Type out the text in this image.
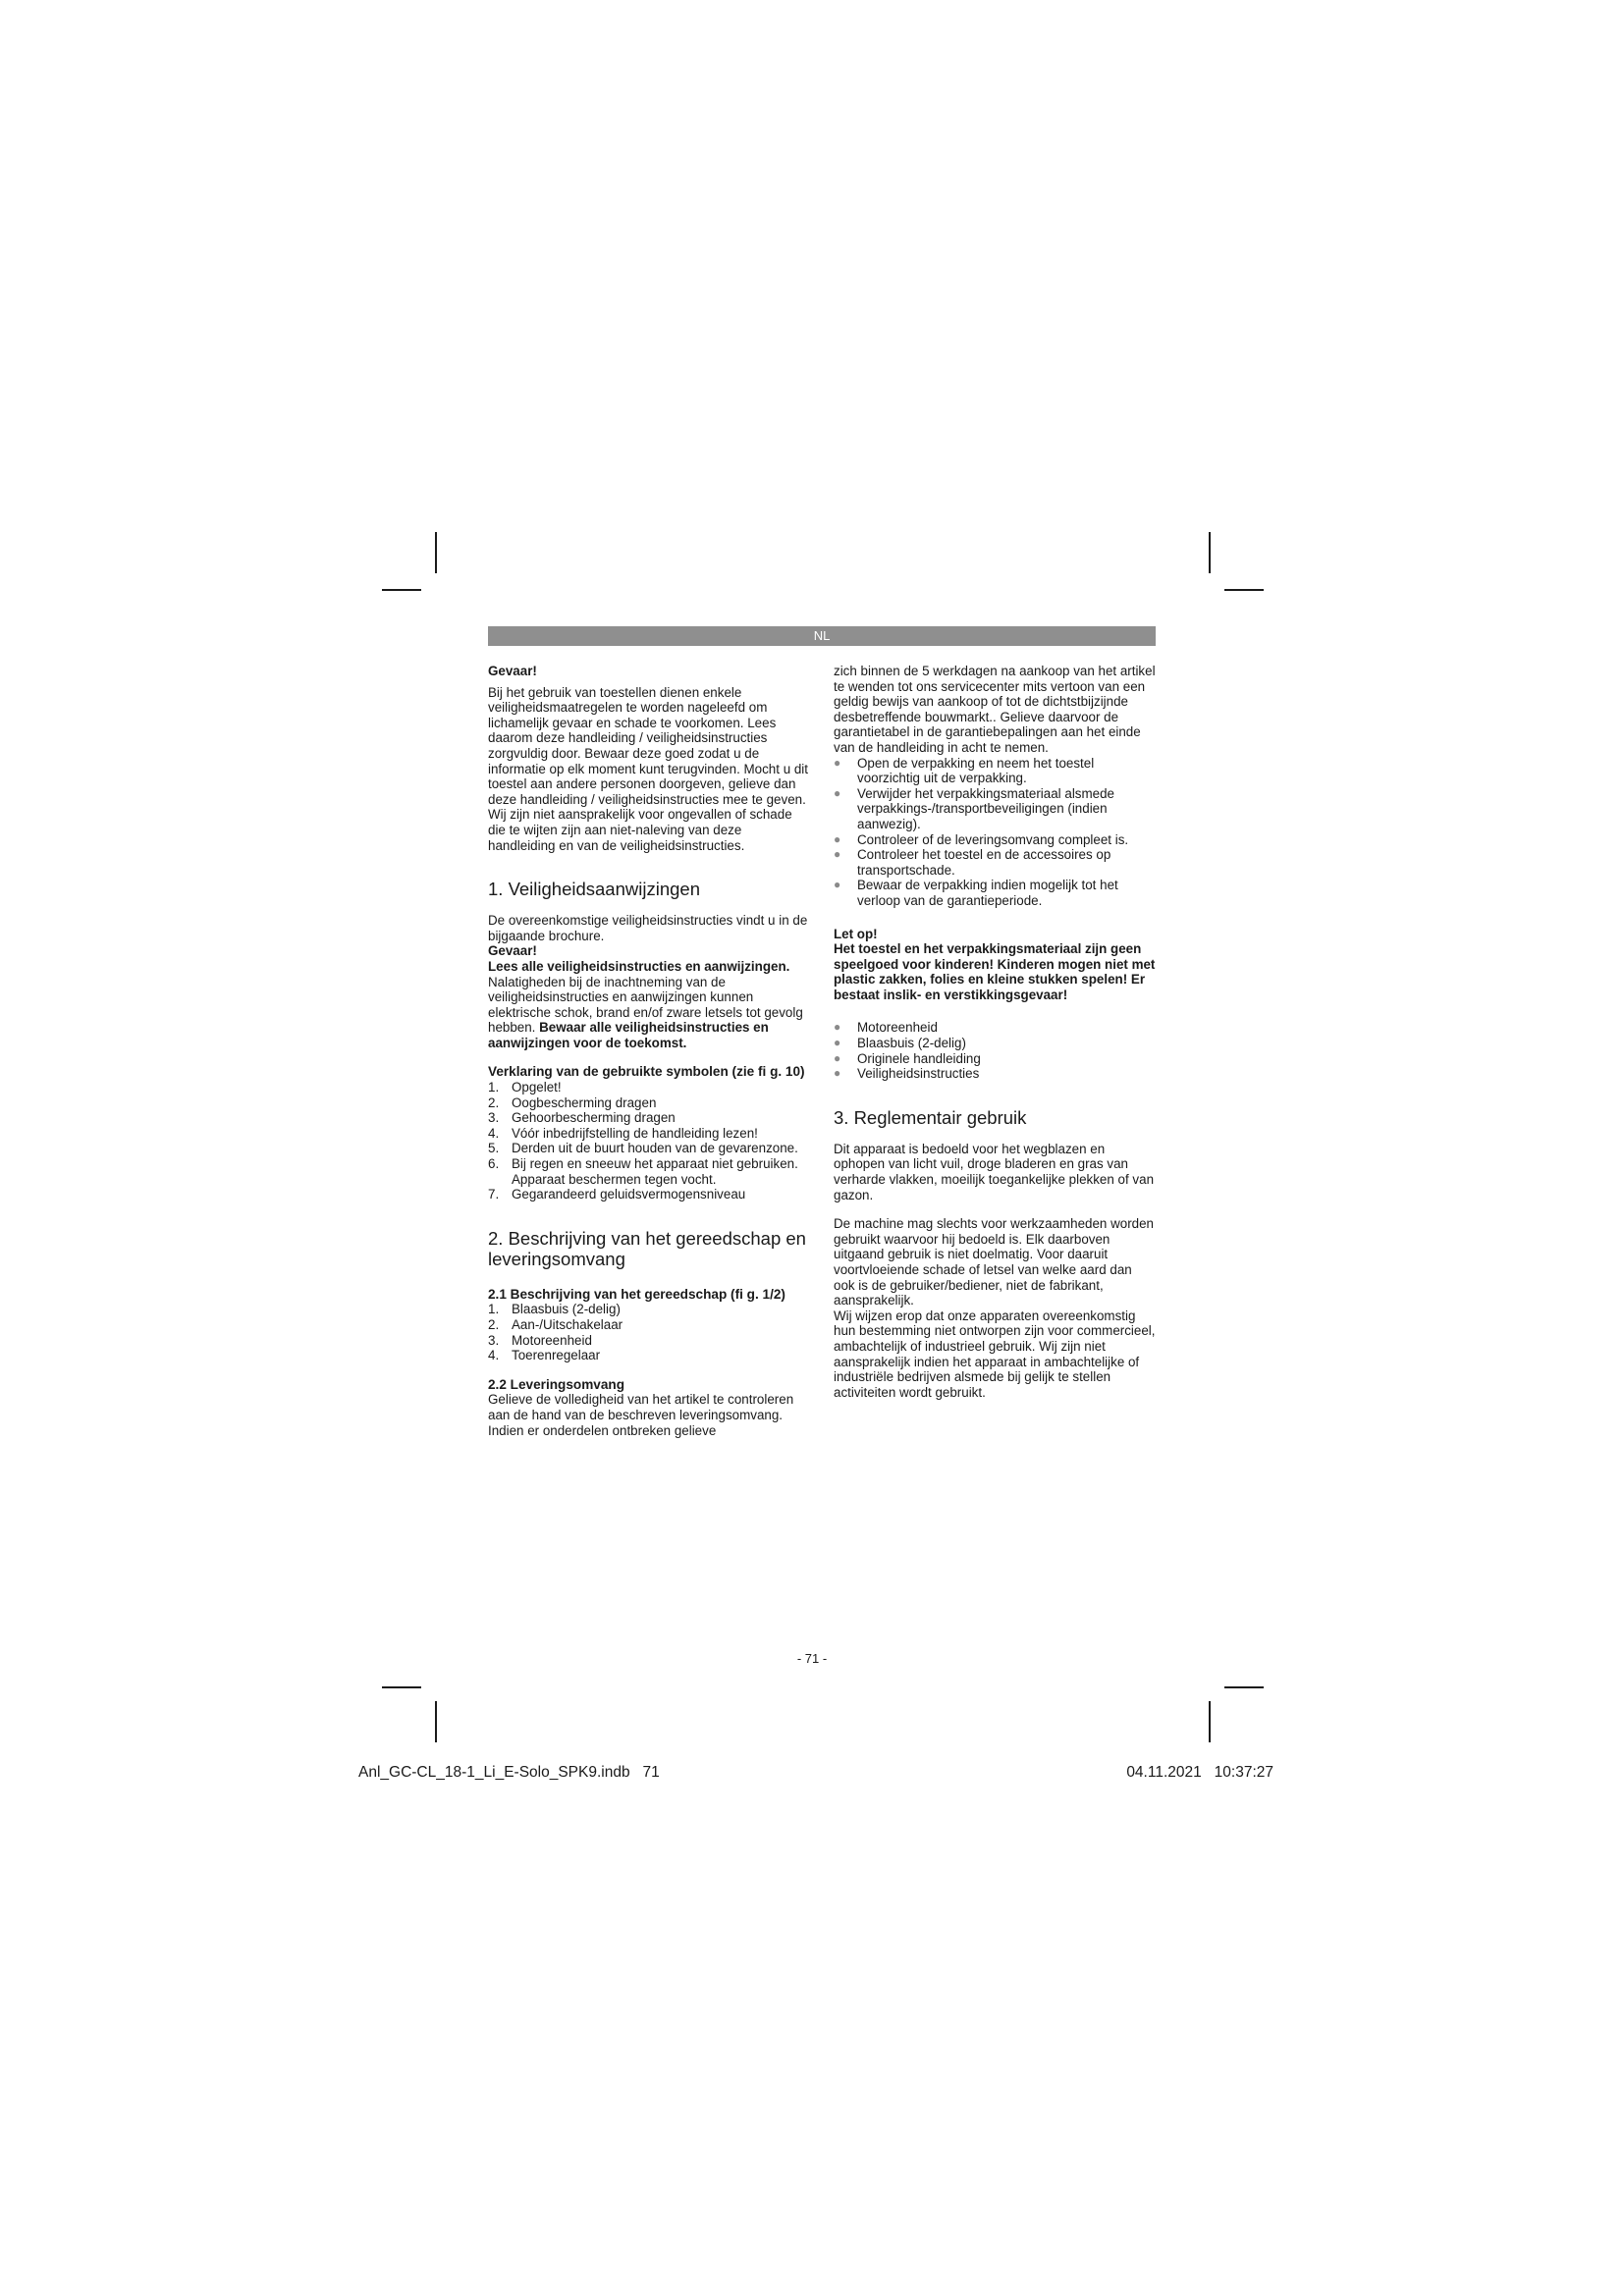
NL

Gevaar!

Bij het gebruik van toestellen dienen enkele veiligheidsmaatregelen te worden nageleefd om lichamelijk gevaar en schade te voorkomen. Lees daarom deze handleiding / veiligheidsinstructies zorgvuldig door. Bewaar deze goed zodat u de informatie op elk moment kunt terugvinden. Mocht u dit toestel aan andere personen doorgeven, gelieve dan deze handleiding / veiligheidsinstructies mee te geven. Wij zijn niet aansprakelijk voor ongevallen of schade die te wijten zijn aan niet-naleving van deze handleiding en van de veiligheidsinstructies.

1. Veiligheidsaanwijzingen

De overeenkomstige veiligheidsinstructies vindt u in de bijgaande brochure.

Gevaar!

Lees alle veiligheidsinstructies en aanwijzingen. Nalatigheden bij de inachtneming van de veiligheidsinstructies en aanwijzingen kunnen elektrische schok, brand en/of zware letsels tot gevolg hebben. Bewaar alle veiligheidsinstructies en aanwijzingen voor de toekomst.

Verklaring van de gebruikte symbolen (zie fi g. 10)
1. Opgelet!
2. Oogbescherming dragen
3. Gehoorbescherming dragen
4. Vóór inbedrijfstelling de handleiding lezen!
5. Derden uit de buurt houden van de gevarenzone.
6. Bij regen en sneeuw het apparaat niet gebruiken. Apparaat beschermen tegen vocht.
7. Gegarandeerd geluidsvermogensniveau
2. Beschrijving van het gereedschap en leveringsomvang
2.1 Beschrijving van het gereedschap (fi g. 1/2)
1. Blaasbuis (2-delig)
2. Aan-/Uitschakelaar
3. Motoreenheid
4. Toerenregelaar
2.2 Leveringsomvang

Gelieve de volledigheid van het artikel te controleren aan de hand van de beschreven leveringsomvang. Indien er onderdelen ontbreken gelieve

zich binnen de 5 werkdagen na aankoop van het artikel te wenden tot ons servicecenter mits vertoon van een geldig bewijs van aankoop of tot de dichtstbijzijnde desbetreffende bouwmarkt.. Gelieve daarvoor de garantietabel in de garantiebepalingen aan het einde van de handleiding in acht te nemen.

● Open de verpakking en neem het toestel voorzichtig uit de verpakking.
● Verwijder het verpakkingsmateriaal alsmede verpakkings-/transportbeveiligingen (indien aanwezig).
● Controleer of de leveringsomvang compleet is.
● Controleer het toestel en de accessoires op transportschade.
● Bewaar de verpakking indien mogelijk tot het verloop van de garantieperiode.

Let op!

Het toestel en het verpakkingsmateriaal zijn geen speelgoed voor kinderen! Kinderen mogen niet met plastic zakken, folies en kleine stukken spelen! Er bestaat inslik- en verstikkingsgevaar!

● Motoreenheid
● Blaasbuis (2-delig)
● Originele handleiding
● Veiligheidsinstructies
3. Reglementair gebruik

Dit apparaat is bedoeld voor het wegblazen en ophopen van licht vuil, droge bladeren en gras van verharde vlakken, moeilijk toegankelijke plekken of van gazon.

De machine mag slechts voor werkzaamheden worden gebruikt waarvoor hij bedoeld is. Elk daarboven uitgaand gebruik is niet doelmatig. Voor daaruit voortvloeiende schade of letsel van welke aard dan ook is de gebruiker/bediener, niet de fabrikant, aansprakelijk.

Wij wijzen erop dat onze apparaten overeenkomstig hun bestemming niet ontworpen zijn voor commercieel, ambachtelijk of industrieel gebruik. Wij zijn niet aansprakelijk indien het apparaat in ambachtelijke of industriële bedrijven alsmede bij gelijk te stellen activiteiten wordt gebruikt.

- 71 -
Anl_GC-CL_18-1_Li_E-Solo_SPK9.indb   71	04.11.2021   10:37:27
